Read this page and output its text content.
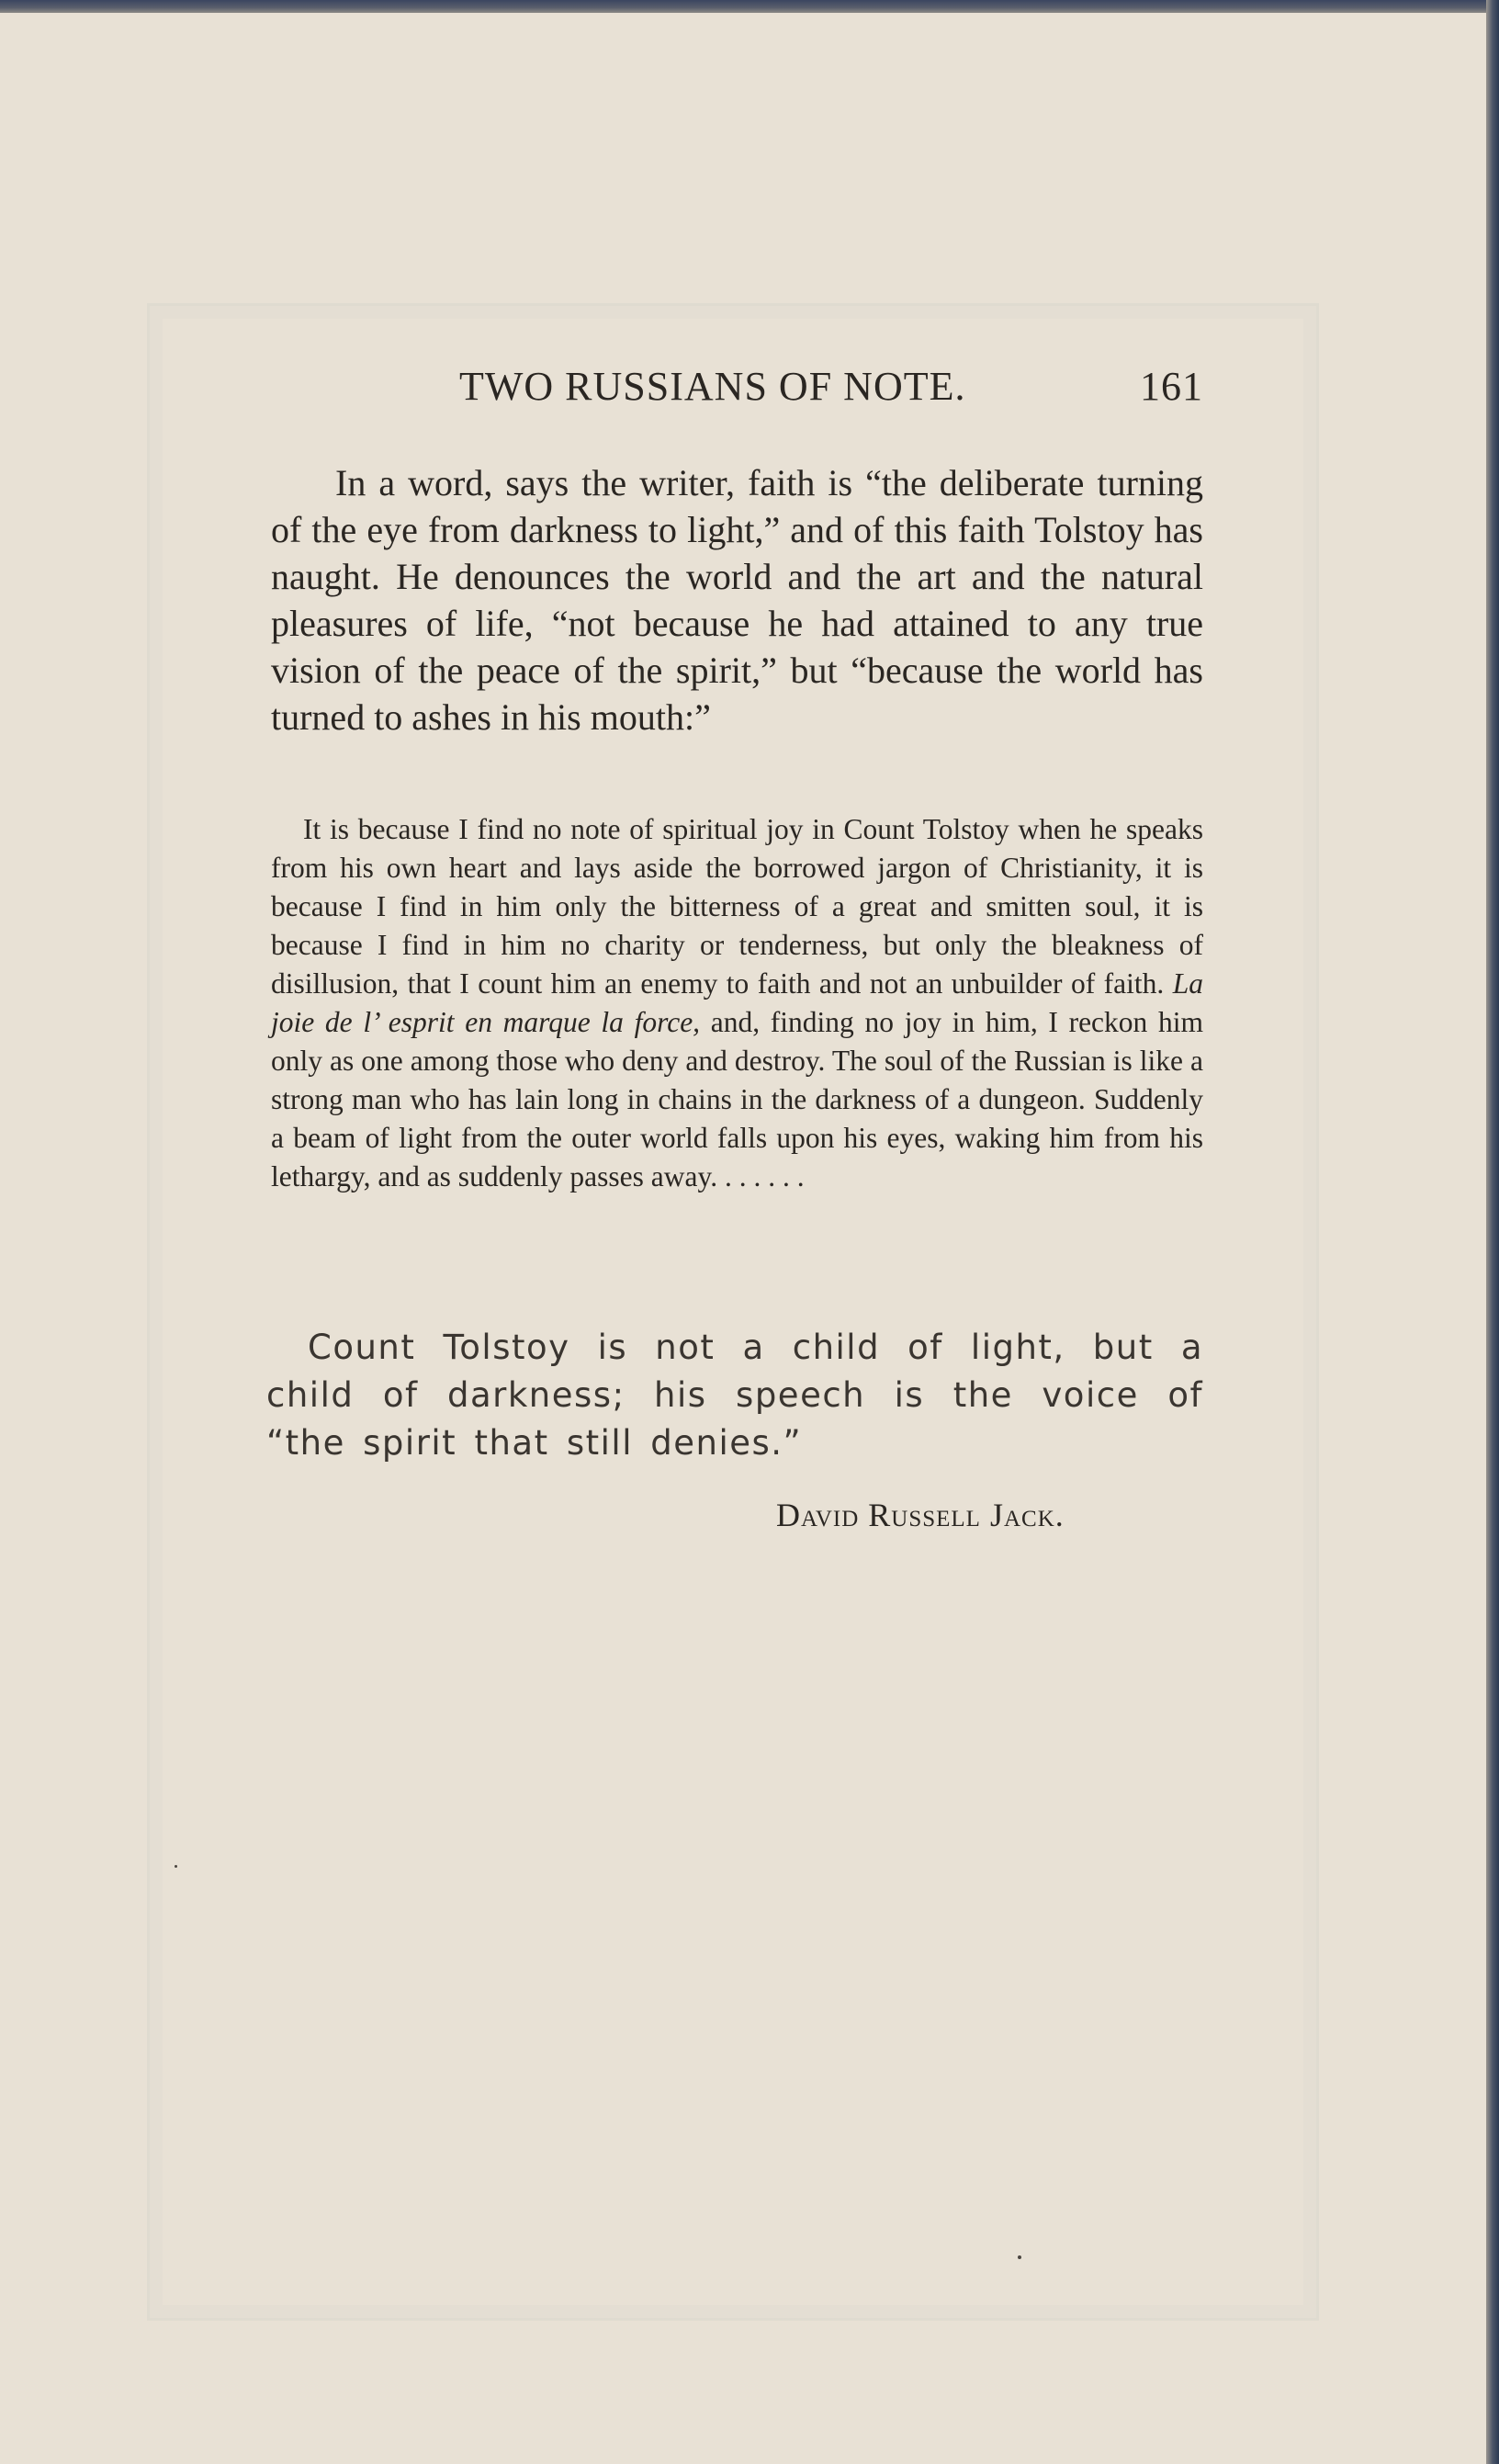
TWO RUSSIANS OF NOTE.	161

In a word, says the writer, faith is “the deliberate turning of the eye from darkness to light,” and of this faith Tolstoy has naught. He denounces the world and the art and the natural pleasures of life, “not because he had attained to any true vision of the peace of the spirit,” but “because the world has turned to ashes in his mouth:”

It is because I find no note of spiritual joy in Count Tolstoy when he speaks from his own heart and lays aside the borrowed jargon of Christianity, it is because I find in him only the bitterness of a great and smitten soul, it is because I find in him no charity or tenderness, but only the bleakness of disillusion, that I count him an enemy to faith and not an unbuilder of faith. La joie de l’ esprit en marque la force, and, finding no joy in him, I reckon him only as one among those who deny and destroy. The soul of the Russian is like a strong man who has lain long in chains in the darkness of a dungeon. Suddenly a beam of light from the outer world falls upon his eyes, waking him from his lethargy, and as suddenly passes away. . . . . . .

Count Tolstoy is not a child of light, but a child of darkness; his speech is the voice of “the spirit that still denies.”

David Russell Jack.
